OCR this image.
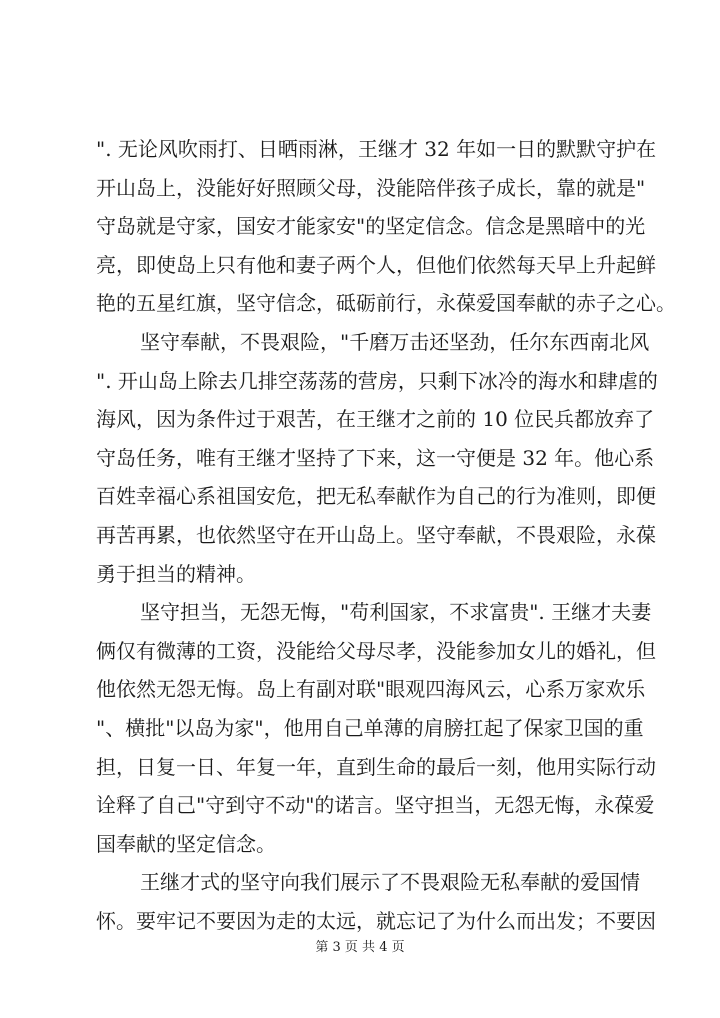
". 无论风吹雨打、日晒雨淋，王继才 32 年如一日的默默守护在
开山岛上，没能好好照顾父母，没能陪伴孩子成长，靠的就是"
守岛就是守家，国安才能家安"的坚定信念。信念是黑暗中的光
亮，即使岛上只有他和妻子两个人，但他们依然每天早上升起鲜
艳的五星红旗，坚守信念，砥砺前行，永葆爱国奉献的赤子之心。
坚守奉献，不畏艰险，"千磨万击还坚劲，任尔东西南北风
". 开山岛上除去几排空荡荡的营房，只剩下冰冷的海水和肆虐的
海风，因为条件过于艰苦，在王继才之前的 10 位民兵都放弃了
守岛任务，唯有王继才坚持了下来，这一守便是 32 年。他心系
百姓幸福心系祖国安危，把无私奉献作为自己的行为准则，即便
再苦再累，也依然坚守在开山岛上。坚守奉献，不畏艰险，永葆
勇于担当的精神。
坚守担当，无怨无悔，"苟利国家，不求富贵". 王继才夫妻
俩仅有微薄的工资，没能给父母尽孝，没能参加女儿的婚礼，但
他依然无怨无悔。岛上有副对联"眼观四海风云，心系万家欢乐
"、横批"以岛为家"，他用自己单薄的肩膀扛起了保家卫国的重
担，日复一日、年复一年，直到生命的最后一刻，他用实际行动
诠释了自己"守到守不动"的诺言。坚守担当，无怨无悔，永葆爱
国奉献的坚定信念。
王继才式的坚守向我们展示了不畏艰险无私奉献的爱国情
怀。要牢记不要因为走的太远，就忘记了为什么而出发；不要因
第 3 页 共 4 页
